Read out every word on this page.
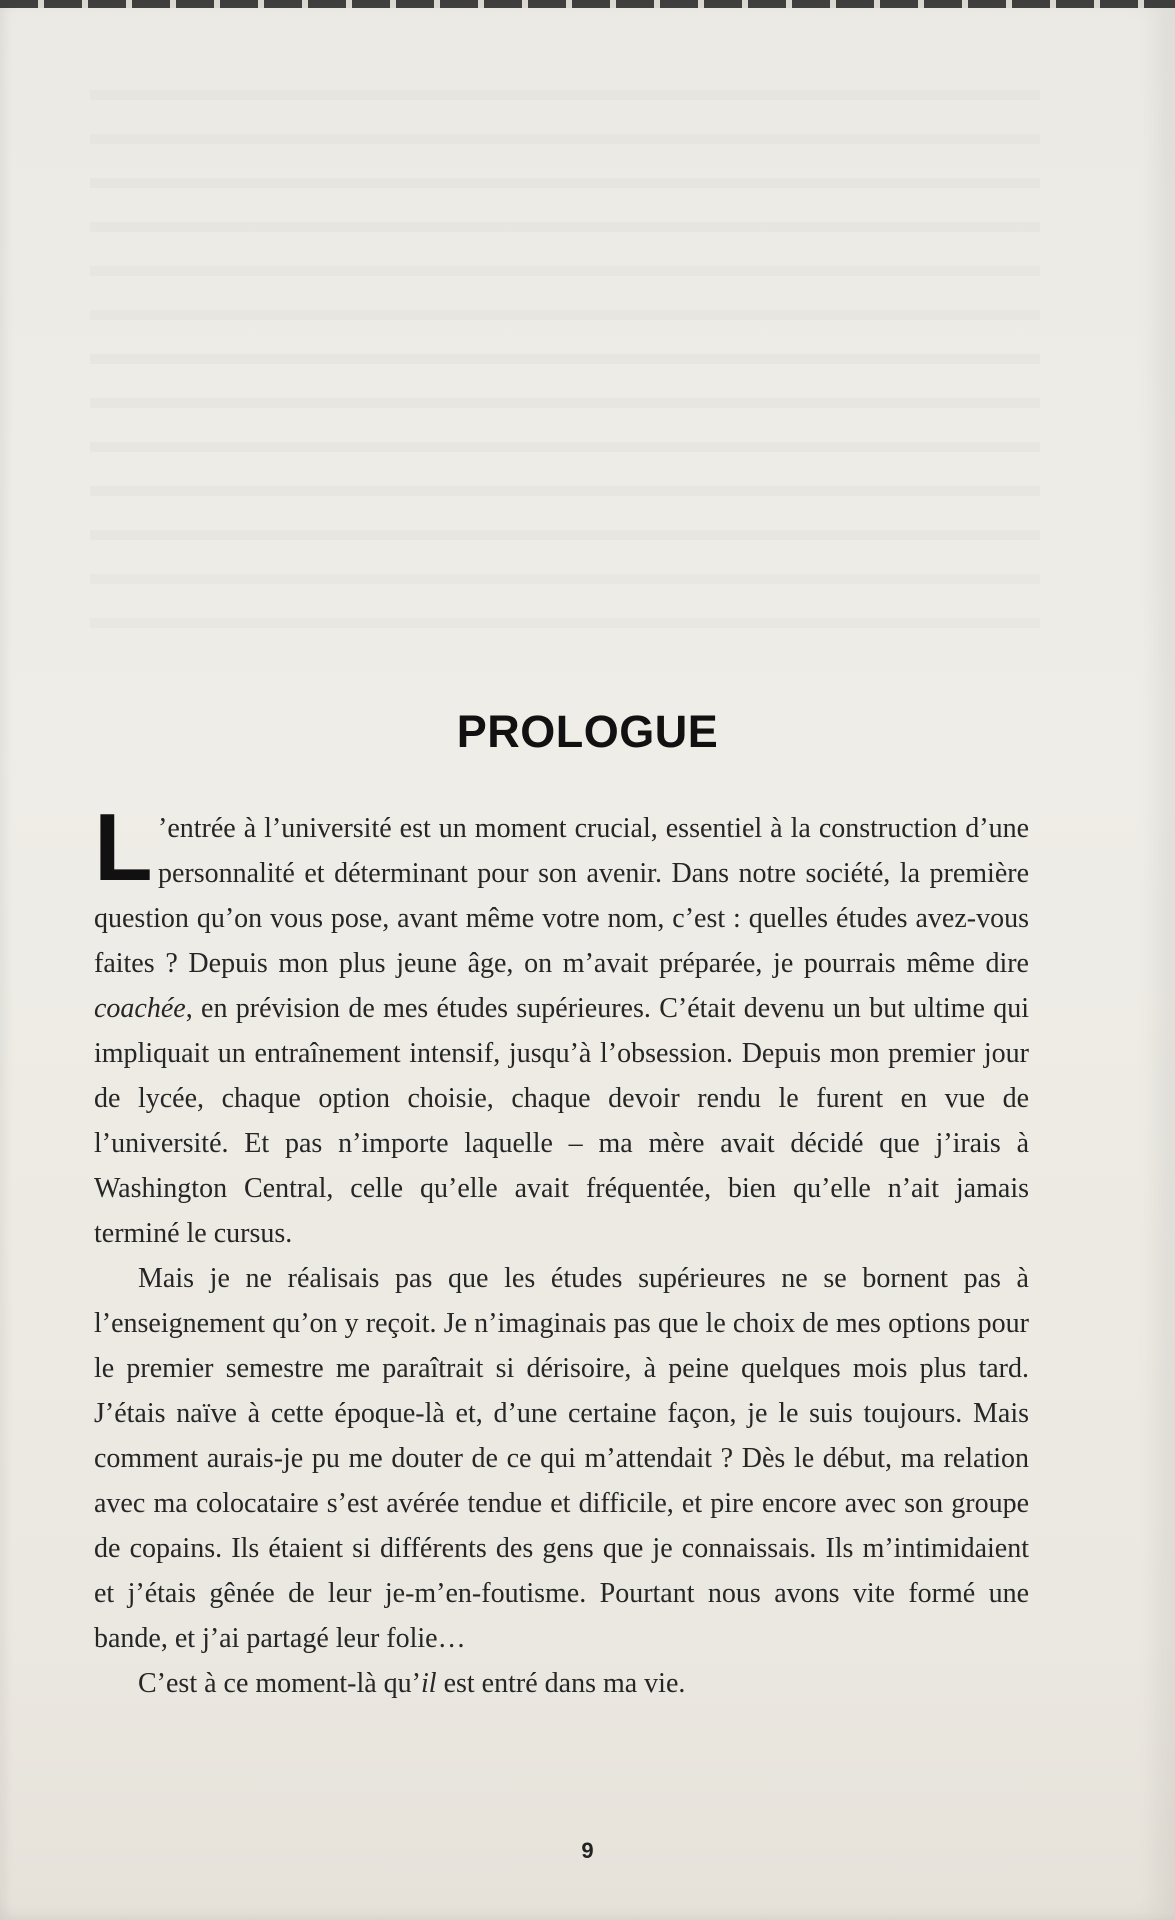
PROLOGUE

L ’entrée à l’université est un moment crucial, essentiel à la construction d’une personnalité et déterminant pour son avenir. Dans notre société, la première question qu’on vous pose, avant même votre nom, c’est : quelles études avez-vous faites ? Depuis mon plus jeune âge, on m’avait préparée, je pourrais même dire coachée, en prévision de mes études supérieures. C’était devenu un but ultime qui impliquait un entraînement intensif, jusqu’à l’obsession. Depuis mon premier jour de lycée, chaque option choisie, chaque devoir rendu le furent en vue de l’université. Et pas n’importe laquelle – ma mère avait décidé que j’irais à Washington Central, celle qu’elle avait fréquentée, bien qu’elle n’ait jamais terminé le cursus.

Mais je ne réalisais pas que les études supérieures ne se bornent pas à l’enseignement qu’on y reçoit. Je n’imaginais pas que le choix de mes options pour le premier semestre me paraîtrait si dérisoire, à peine quelques mois plus tard. J’étais naïve à cette époque-là et, d’une certaine façon, je le suis toujours. Mais comment aurais-je pu me douter de ce qui m’attendait ? Dès le début, ma relation avec ma colocataire s’est avérée tendue et difficile, et pire encore avec son groupe de copains. Ils étaient si différents des gens que je connaissais. Ils m’intimidaient et j’étais gênée de leur je-m’en-foutisme. Pourtant nous avons vite formé une bande, et j’ai partagé leur folie…

C’est à ce moment-là qu’il est entré dans ma vie.

9
